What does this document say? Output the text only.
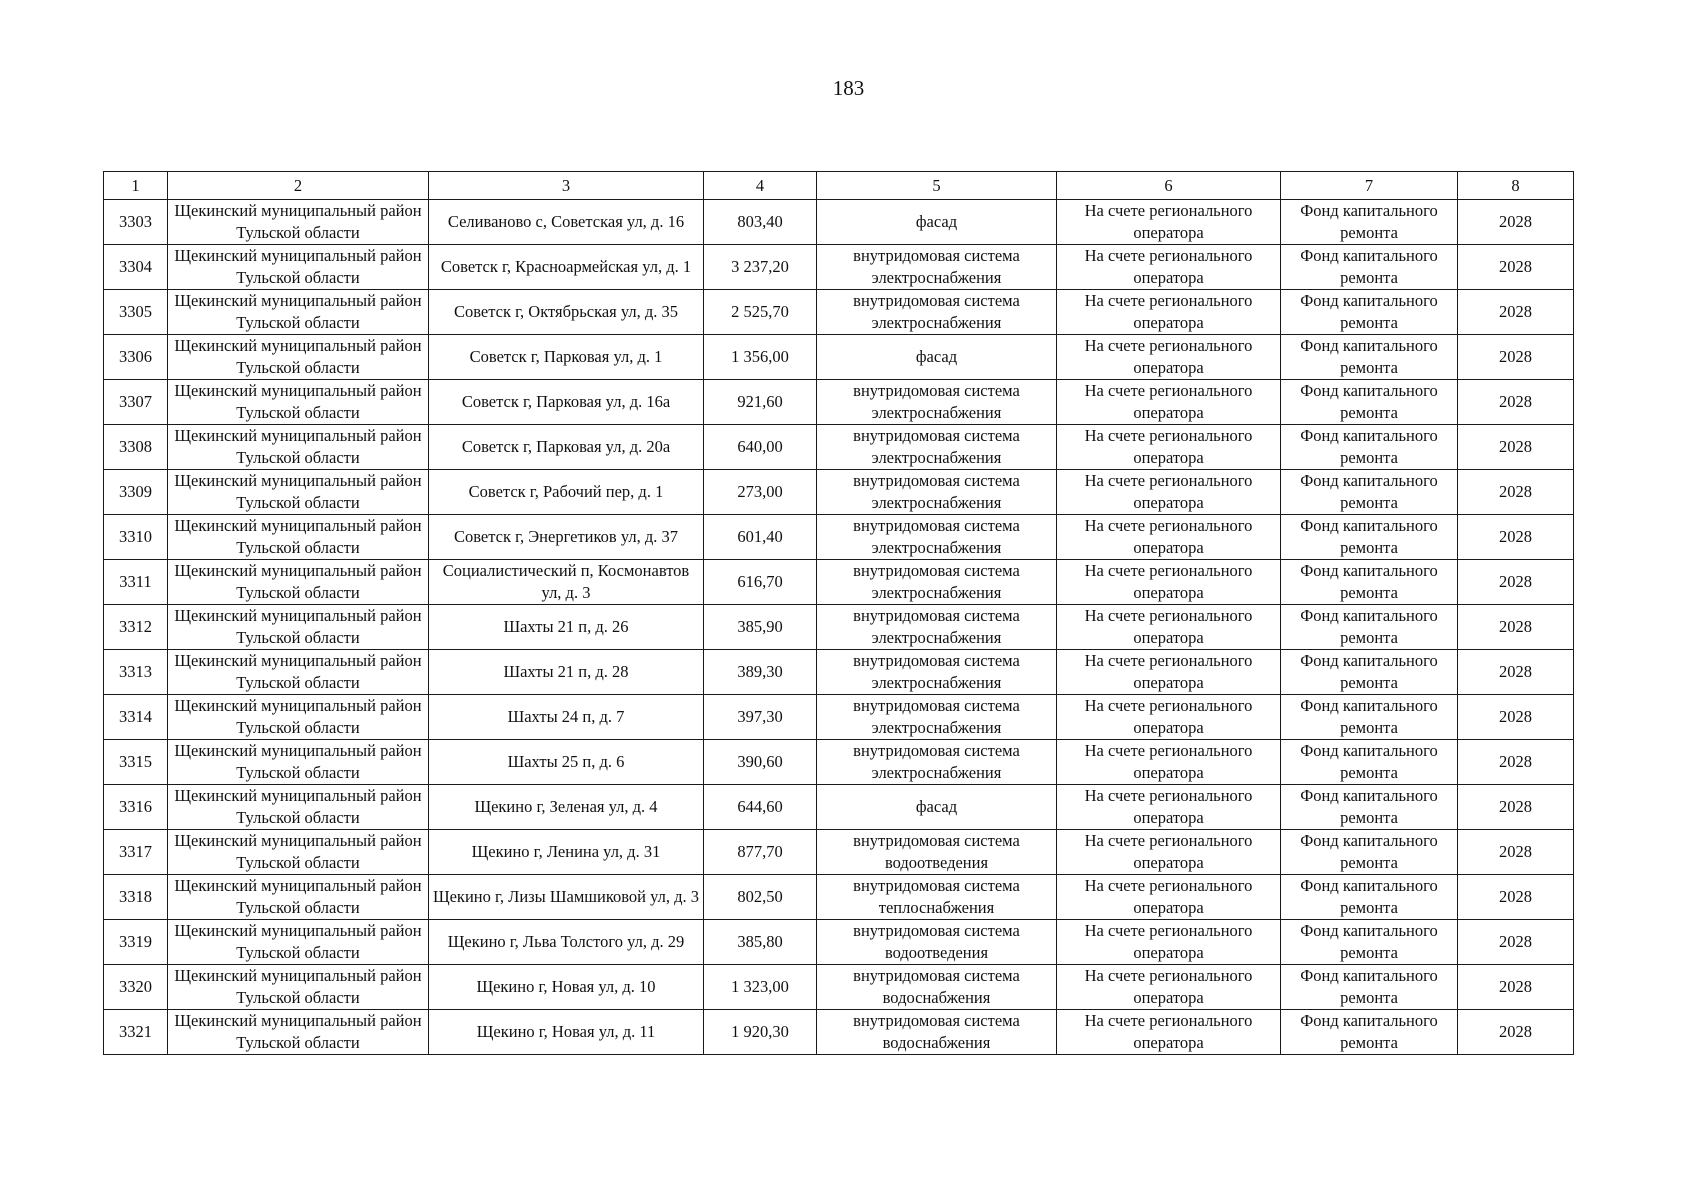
183
1	2	3	4	5	6	7	8
3303	Щекинский муниципальный район Тульской области	Селиваново с, Советская ул, д. 16	803,40	фасад	На счете регионального оператора	Фонд капитального ремонта	2028
3304	Щекинский муниципальный район Тульской области	Советск г, Красноармейская ул, д. 1	3 237,20	внутридомовая система электроснабжения	На счете регионального оператора	Фонд капитального ремонта	2028
3305	Щекинский муниципальный район Тульской области	Советск г, Октябрьская ул, д. 35	2 525,70	внутридомовая система электроснабжения	На счете регионального оператора	Фонд капитального ремонта	2028
3306	Щекинский муниципальный район Тульской области	Советск г, Парковая ул, д. 1	1 356,00	фасад	На счете регионального оператора	Фонд капитального ремонта	2028
3307	Щекинский муниципальный район Тульской области	Советск г, Парковая ул, д. 16а	921,60	внутридомовая система электроснабжения	На счете регионального оператора	Фонд капитального ремонта	2028
3308	Щекинский муниципальный район Тульской области	Советск г, Парковая ул, д. 20а	640,00	внутридомовая система электроснабжения	На счете регионального оператора	Фонд капитального ремонта	2028
3309	Щекинский муниципальный район Тульской области	Советск г, Рабочий пер, д. 1	273,00	внутридомовая система электроснабжения	На счете регионального оператора	Фонд капитального ремонта	2028
3310	Щекинский муниципальный район Тульской области	Советск г, Энергетиков ул, д. 37	601,40	внутридомовая система электроснабжения	На счете регионального оператора	Фонд капитального ремонта	2028
3311	Щекинский муниципальный район Тульской области	Социалистический п, Космонавтов ул, д. 3	616,70	внутридомовая система электроснабжения	На счете регионального оператора	Фонд капитального ремонта	2028
3312	Щекинский муниципальный район Тульской области	Шахты 21 п, д. 26	385,90	внутридомовая система электроснабжения	На счете регионального оператора	Фонд капитального ремонта	2028
3313	Щекинский муниципальный район Тульской области	Шахты 21 п, д. 28	389,30	внутридомовая система электроснабжения	На счете регионального оператора	Фонд капитального ремонта	2028
3314	Щекинский муниципальный район Тульской области	Шахты 24 п, д. 7	397,30	внутридомовая система электроснабжения	На счете регионального оператора	Фонд капитального ремонта	2028
3315	Щекинский муниципальный район Тульской области	Шахты 25 п, д. 6	390,60	внутридомовая система электроснабжения	На счете регионального оператора	Фонд капитального ремонта	2028
3316	Щекинский муниципальный район Тульской области	Щекино г, Зеленая ул, д. 4	644,60	фасад	На счете регионального оператора	Фонд капитального ремонта	2028
3317	Щекинский муниципальный район Тульской области	Щекино г, Ленина ул, д. 31	877,70	внутридомовая система водоотведения	На счете регионального оператора	Фонд капитального ремонта	2028
3318	Щекинский муниципальный район Тульской области	Щекино г, Лизы Шамшиковой ул, д. 3	802,50	внутридомовая система теплоснабжения	На счете регионального оператора	Фонд капитального ремонта	2028
3319	Щекинский муниципальный район Тульской области	Щекино г, Льва Толстого ул, д. 29	385,80	внутридомовая система водоотведения	На счете регионального оператора	Фонд капитального ремонта	2028
3320	Щекинский муниципальный район Тульской области	Щекино г, Новая ул, д. 10	1 323,00	внутридомовая система водоснабжения	На счете регионального оператора	Фонд капитального ремонта	2028
3321	Щекинский муниципальный район Тульской области	Щекино г, Новая ул, д. 11	1 920,30	внутридомовая система водоснабжения	На счете регионального оператора	Фонд капитального ремонта	2028
